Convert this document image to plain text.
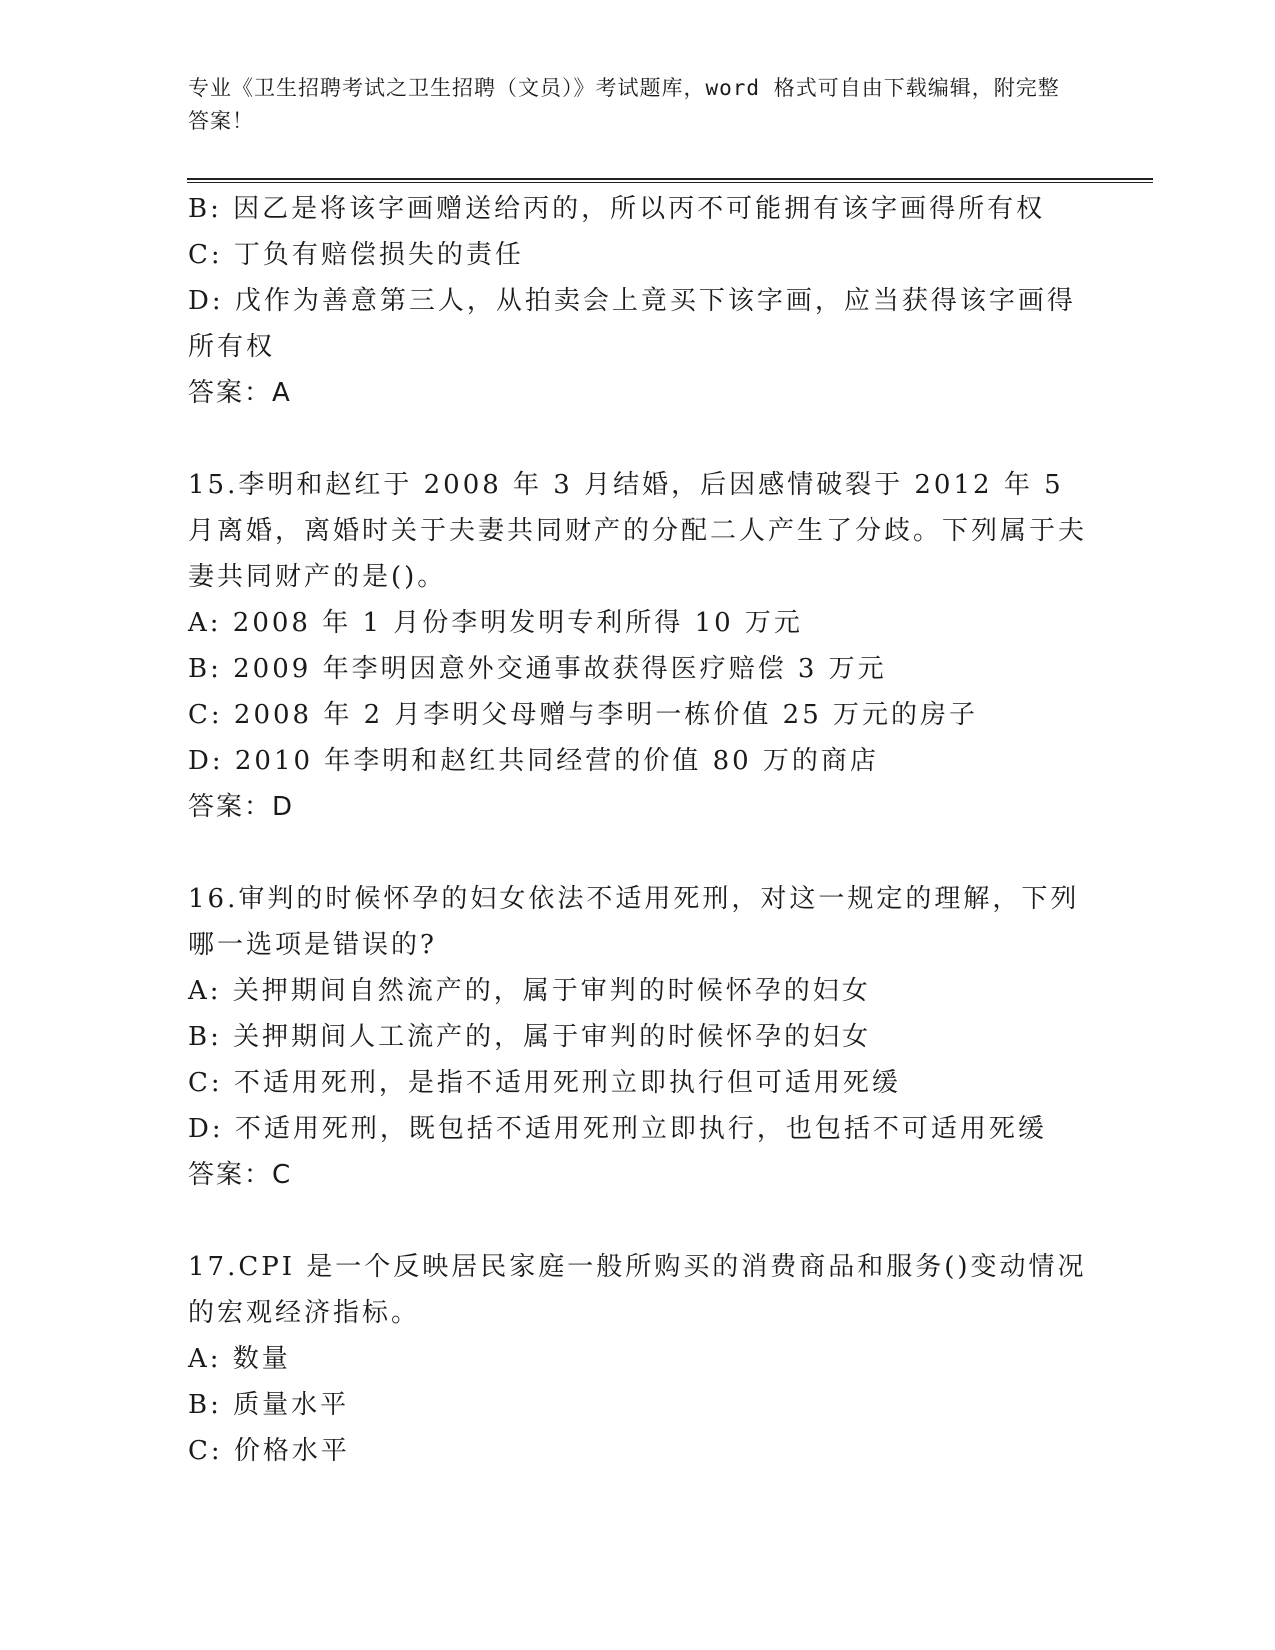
专业《卫生招聘考试之卫生招聘（文员）》考试题库，word 格式可自由下载编辑，附完整答案！
B: 因乙是将该字画赠送给丙的，所以丙不可能拥有该字画得所有权
C: 丁负有赔偿损失的责任
D: 戊作为善意第三人，从拍卖会上竟买下该字画，应当获得该字画得所有权
答案：A
15.李明和赵红于 2008 年 3 月结婚，后因感情破裂于 2012 年 5 月离婚，离婚时关于夫妻共同财产的分配二人产生了分歧。下列属于夫妻共同财产的是()。
A: 2008 年 1 月份李明发明专利所得 10 万元
B: 2009 年李明因意外交通事故获得医疗赔偿 3 万元
C: 2008 年 2 月李明父母赠与李明一栋价值 25 万元的房子
D: 2010 年李明和赵红共同经营的价值 80 万的商店
答案：D
16.审判的时候怀孕的妇女依法不适用死刑，对这一规定的理解，下列哪一选项是错误的?
A: 关押期间自然流产的，属于审判的时候怀孕的妇女
B: 关押期间人工流产的，属于审判的时候怀孕的妇女
C: 不适用死刑，是指不适用死刑立即执行但可适用死缓
D: 不适用死刑，既包括不适用死刑立即执行，也包括不可适用死缓
答案：C
17.CPI 是一个反映居民家庭一般所购买的消费商品和服务()变动情况的宏观经济指标。
A: 数量
B: 质量水平
C: 价格水平
